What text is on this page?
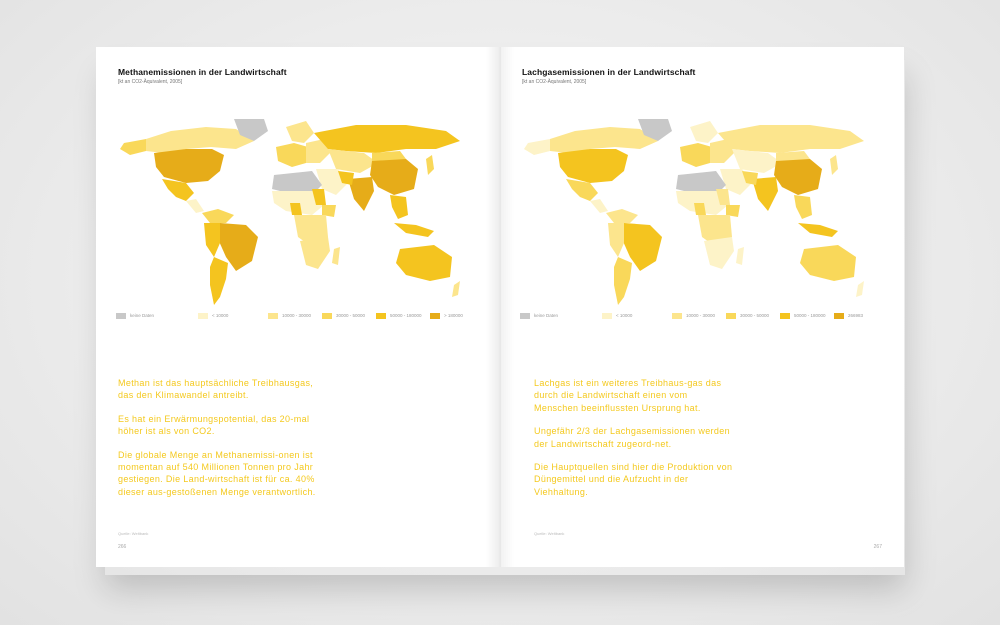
Methanemissionen in der Landwirtschaft
[kt an CO2-Äquivalent, 2005]
keine Daten	< 10000	10000 - 30000	30000 - 50000	50000 - 180000	> 180000

Methan ist das hauptsächliche Treibhausgas, das den Klimawandel antreibt.

Es hat ein Erwärmungspotential, das 20-mal höher ist als von CO2.

Die globale Menge an Methanemissi-onen ist momentan auf 540 Millionen Tonnen pro Jahr gestiegen. Die Land-wirtschaft ist für ca. 40% dieser aus-gestoßenen Menge verantwortlich.

Quelle: Weltbank
266
Lachgasemissionen in der Landwirtschaft
[kt an CO2-Äquivalent, 2005]
keine Daten	< 10000	10000 - 30000	30000 - 50000	50000 - 180000	266983

Lachgas ist ein weiteres Treibhaus-gas das durch die Landwirtschaft einen vom Menschen beeinflussten Ursprung hat.

Ungefähr 2/3 der Lachgasemissionen werden der Landwirtschaft zugeord-net.

Die Hauptquellen sind hier die Produktion von Düngemittel und die Aufzucht in der Viehhaltung.

Quelle: Weltbank
267
